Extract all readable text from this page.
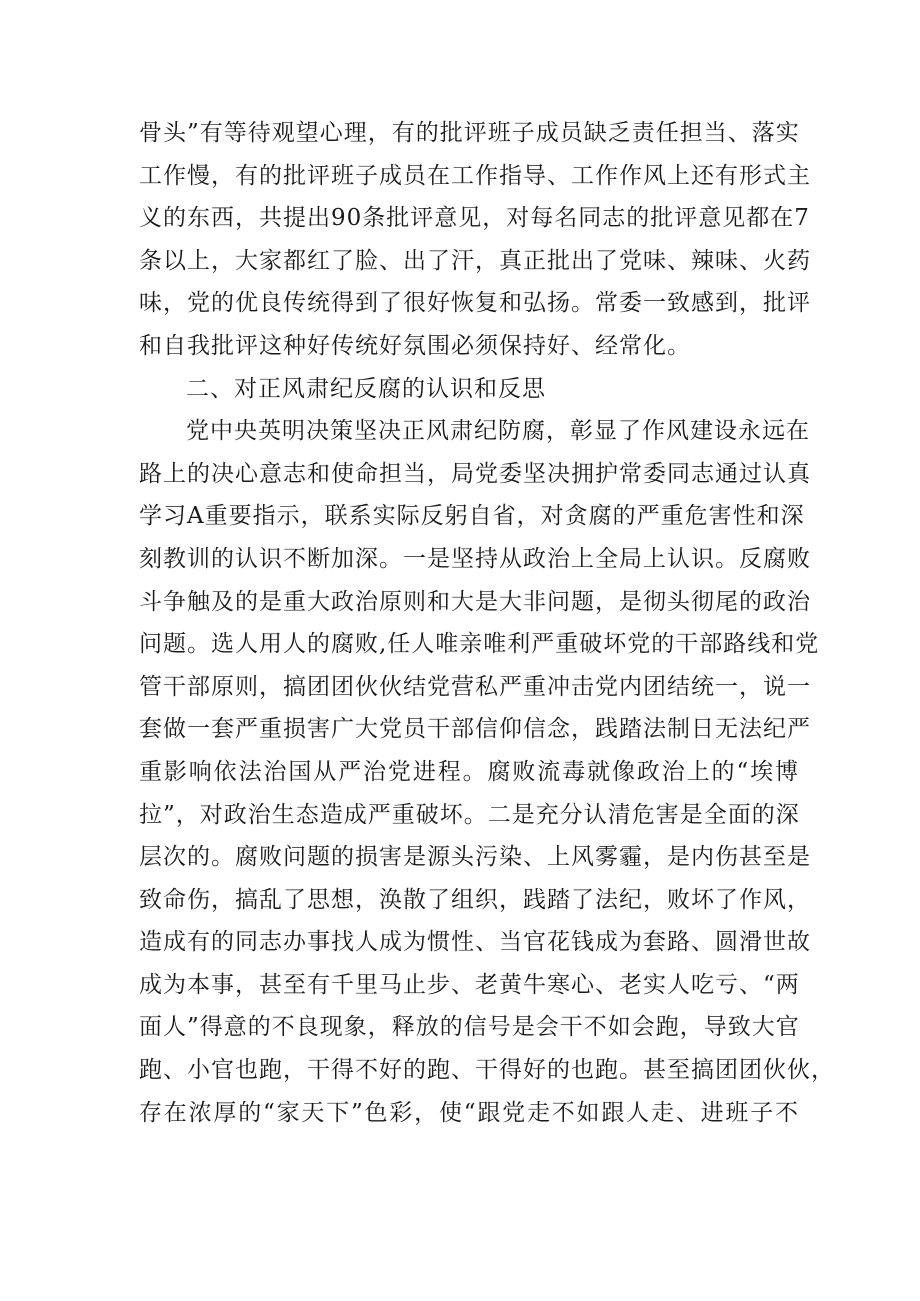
骨头”有等待观望心理，有的批评班子成员缺乏责任担当、落实
工作慢，有的批评班子成员在工作指导、工作作风上还有形式主
义的东西，共提出90条批评意见，对每名同志的批评意见都在7
条以上，大家都红了脸、出了汗，真正批出了党味、辣味、火药
味，党的优良传统得到了很好恢复和弘扬。常委一致感到，批评
和自我批评这种好传统好氛围必须保持好、经常化。
二、对正风肃纪反腐的认识和反思
党中央英明决策坚决正风肃纪防腐，彰显了作风建设永远在
路上的决心意志和使命担当，局党委坚决拥护常委同志通过认真
学习A重要指示，联系实际反躬自省，对贪腐的严重危害性和深
刻教训的认识不断加深。一是坚持从政治上全局上认识。反腐败
斗争触及的是重大政治原则和大是大非问题，是彻头彻尾的政治
问题。选人用人的腐败,任人唯亲唯利严重破坏党的干部路线和党
管干部原则，搞团团伙伙结党营私严重冲击党内团结统一，说一
套做一套严重损害广大党员干部信仰信念，践踏法制日无法纪严
重影响依法治国从严治党进程。腐败流毒就像政治上的“埃博
拉”，对政治生态造成严重破坏。二是充分认清危害是全面的深
层次的。腐败问题的损害是源头污染、上风雾霾，是内伤甚至是
致命伤，搞乱了思想，涣散了组织，践踏了法纪，败坏了作风，
造成有的同志办事找人成为惯性、当官花钱成为套路、圆滑世故
成为本事，甚至有千里马止步、老黄牛寒心、老实人吃亏、“两
面人”得意的不良现象，释放的信号是会干不如会跑，导致大官
跑、小官也跑，干得不好的跑、干得好的也跑。甚至搞团团伙伙，
存在浓厚的“家天下”色彩，使“跟党走不如跟人走、进班子不
